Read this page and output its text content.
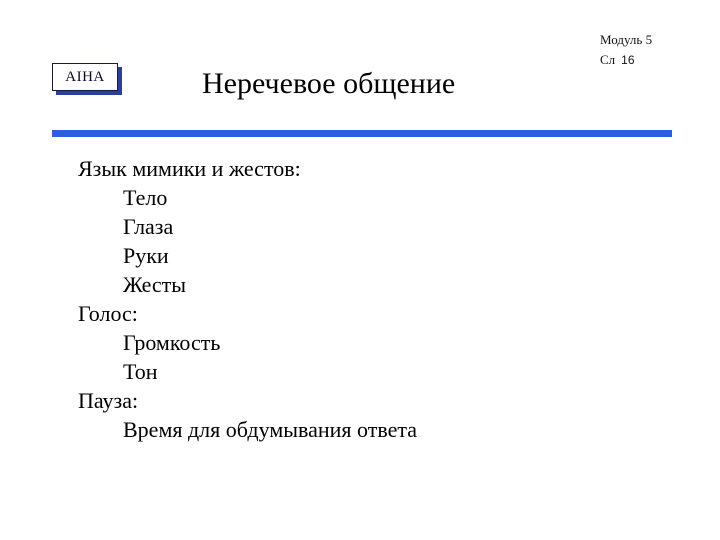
AIHA	Неречевое общение
Модуль 5
Сл 16
Язык мимики и жестов:
Тело
Глаза
Руки
Жесты
Голос:
Громкость
Тон
Пауза:
Время для обдумывания ответа
